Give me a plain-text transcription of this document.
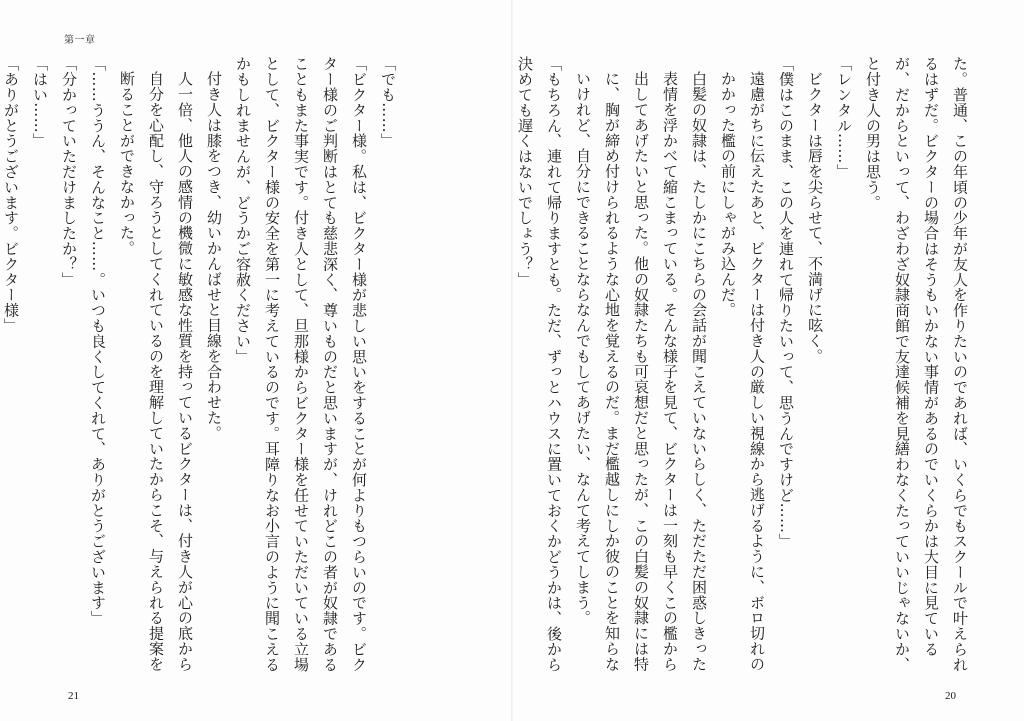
第一章

た。普通、この年頃の少年が友人を作りたいのであれば、いくらでもスクールで叶えられるはずだ。ビクターの場合はそうもいかない事情があるのでいくらかは大目に見ているが、だからといって、わざわざ奴隷商館で友達候補を見繕わなくたっていいじゃないか、と付き人の男は思う。

「レンタル……」

ビクターは唇を尖らせて、不満げに呟く。

「僕はこのまま、この人を連れて帰りたいって、思うんですけど……」

遠慮がちに伝えたあと、ビクターは付き人の厳しい視線から逃げるように、ボロ切れのかかった檻の前にしゃがみ込んだ。

白髪の奴隷は、たしかにこちらの会話が聞こえていないらしく、ただただ困惑しきった表情を浮かべて縮こまっている。そんな様子を見て、ビクターは一刻も早くこの檻から出してあげたいと思った。他の奴隷たちも可哀想だと思ったが、この白髪の奴隷には特に、胸が締め付けられるような心地を覚えるのだ。まだ檻越しにしか彼のことを知らないけれど、自分にできることならなんでもしてあげたい、なんて考えてしまう。

「もちろん、連れて帰りますとも。ただ、ずっとハウスに置いておくかどうかは、後から決めても遅くはないでしょう？」

「でも……」

「ビクター様。私は、ビクター様が悲しい思いをすることが何よりもつらいのです。ビクター様のご判断はとても慈悲深く、尊いものだと思いますが、けれどこの者が奴隷であることもまた事実です。付き人として、旦那様からビクター様を任せていただいている立場として、ビクター様の安全を第一に考えているのです。耳障りなお小言のように聞こえるかもしれませんが、どうかご容赦ください」

付き人は膝をつき、幼いかんばせと目線を合わせた。

人一倍、他人の感情の機微に敏感な性質を持っているビクターは、付き人が心の底から自分を心配し、守ろうとしてくれているのを理解していたからこそ、与えられる提案を断ることができなかった。

「……ううん、そんなこと……。いつも良くしてくれて、ありがとうございます」

「分かっていただけましたか？」

「はい……」

「ありがとうございます。ビクター様」

21	20
